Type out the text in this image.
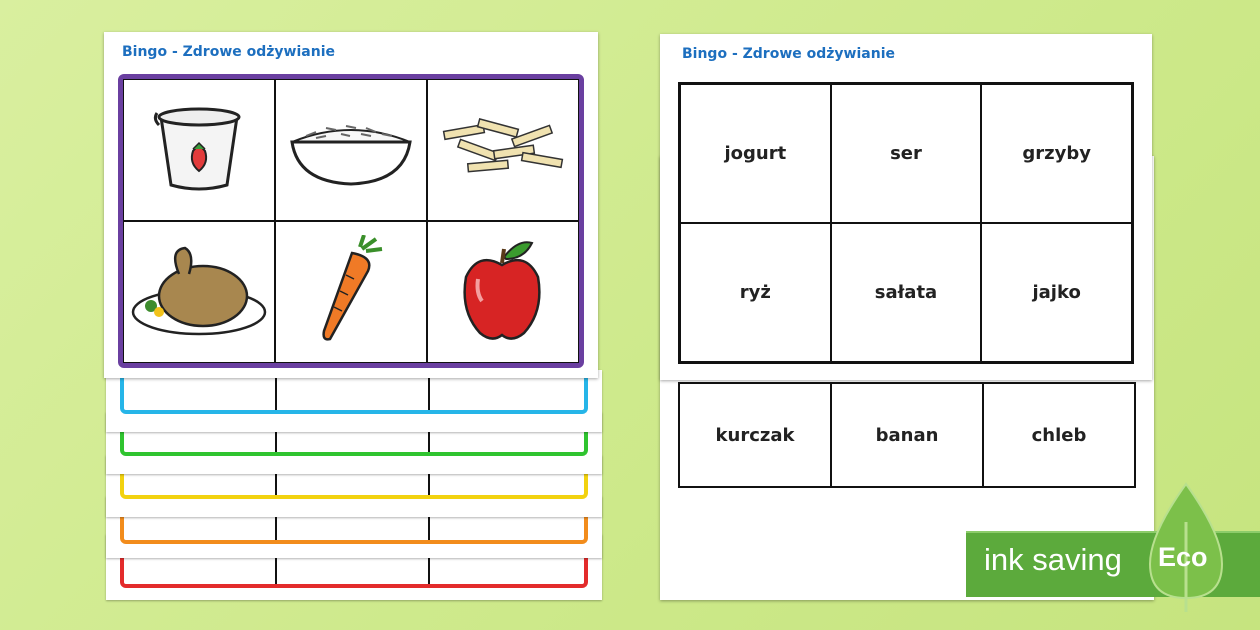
Bingo - Zdrowe odżywianie
kurczak	banan	chleb
Bingo - Zdrowe odżywianie
jogurt	ser	grzyby
ryż	sałata	jajko
ink saving Eco
